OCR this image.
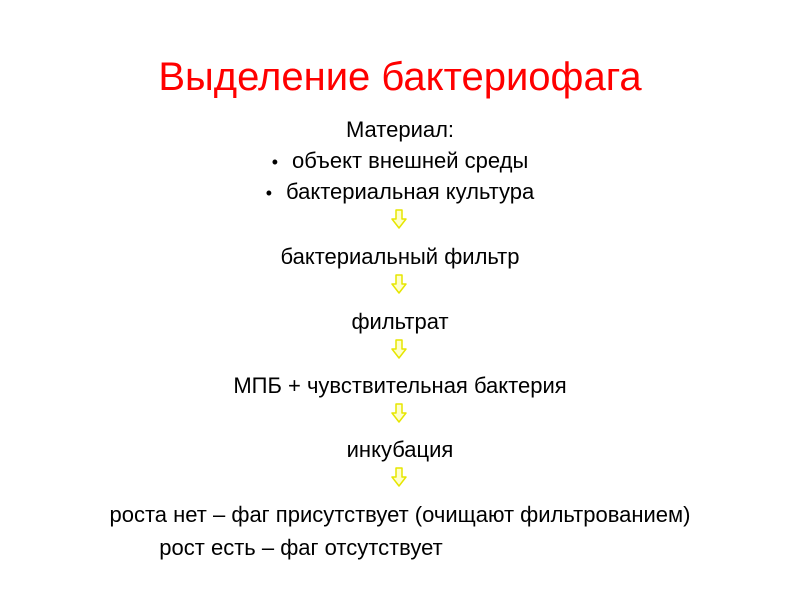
Выделение бактериофага
Материал:
• объект внешней среды
• бактериальная культура
бактериальный фильтр
фильтрат
МПБ + чувствительная бактерия
инкубация
роста нет – фаг присутствует (очищают фильтрованием)
рост есть – фаг отсутствует
